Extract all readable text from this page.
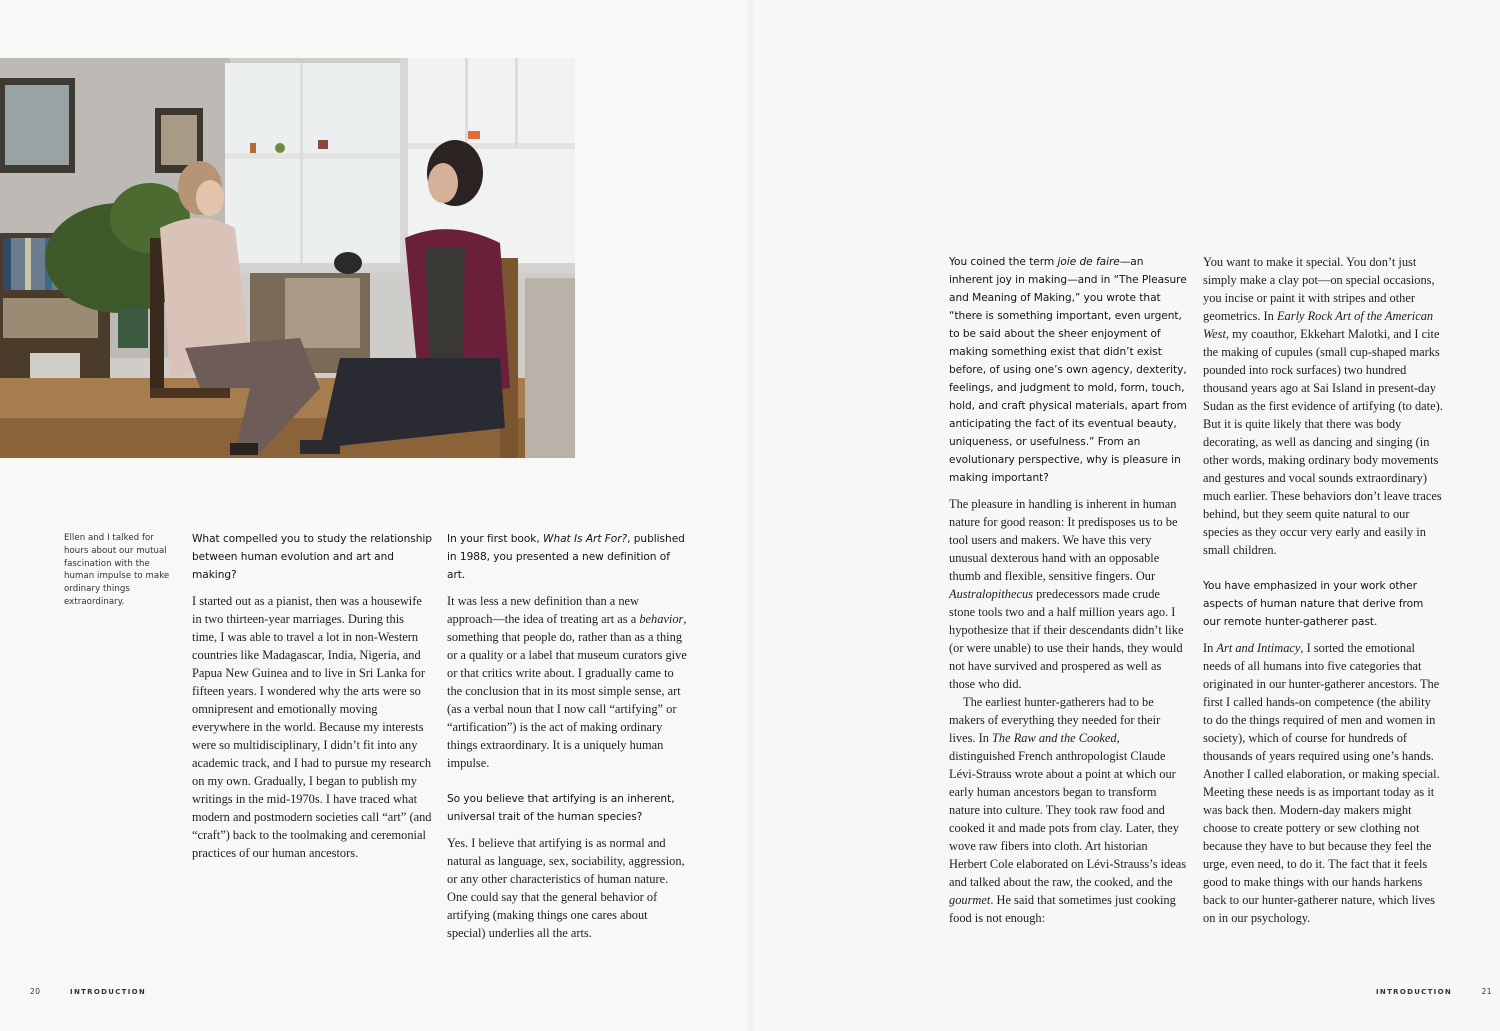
Ellen and I talked for hours about our mutual fascination with the human impulse to make ordinary things extraordinary.

What compelled you to study the relationship between human evolution and art and making?

I started out as a pianist, then was a housewife in two thirteen-year marriages. During this time, I was able to travel a lot in non-Western countries like Madagascar, India, Nigeria, and Papua New Guinea and to live in Sri Lanka for fifteen years. I wondered why the arts were so omnipresent and emotionally moving everywhere in the world. Because my interests were so multidisciplinary, I didn’t fit into any academic track, and I had to pursue my research on my own. Gradually, I began to publish my writings in the mid-1970s. I have traced what modern and postmodern societies call “art” (and “craft”) back to the toolmaking and ceremonial practices of our human ancestors.

In your first book, What Is Art For?, published in 1988, you presented a new definition of art.

It was less a new definition than a new approach—the idea of treating art as a behavior, something that people do, rather than as a thing or a quality or a label that museum curators give or that critics write about. I gradually came to the conclusion that in its most simple sense, art (as a verbal noun that I now call “artifying” or “artification”) is the act of making ordinary things extraordinary. It is a uniquely human impulse.

So you believe that artifying is an inherent, universal trait of the human species?

Yes. I believe that artifying is as normal and natural as language, sex, sociability, aggression, or any other characteristics of human nature. One could say that the general behavior of artifying (making things one cares about special) underlies all the arts.

20	INTRODUCTION

You coined the term joie de faire—an inherent joy in making—and in “The Pleasure and Meaning of Making,” you wrote that “there is something important, even urgent, to be said about the sheer enjoyment of making something exist that didn’t exist before, of using one’s own agency, dexterity, feelings, and judgment to mold, form, touch, hold, and craft physical materials, apart from anticipating the fact of its eventual beauty, uniqueness, or usefulness.” From an evolutionary perspective, why is pleasure in making important?

The pleasure in handling is inherent in human nature for good reason: It predisposes us to be tool users and makers. We have this very unusual dexterous hand with an opposable thumb and flexible, sensitive fingers. Our Australopithecus predecessors made crude stone tools two and a half million years ago. I hypothesize that if their descendants didn’t like (or were unable) to use their hands, they would not have survived and prospered as well as those who did.

The earliest hunter-gatherers had to be makers of everything they needed for their lives. In The Raw and the Cooked, distinguished French anthropologist Claude Lévi-Strauss wrote about a point at which our early human ancestors began to transform nature into culture. They took raw food and cooked it and made pots from clay. Later, they wove raw fibers into cloth. Art historian Herbert Cole elaborated on Lévi-Strauss’s ideas and talked about the raw, the cooked, and the gourmet. He said that sometimes just cooking food is not enough:

You want to make it special. You don’t just simply make a clay pot—on special occasions, you incise or paint it with stripes and other geometrics. In Early Rock Art of the American West, my coauthor, Ekkehart Malotki, and I cite the making of cupules (small cup-shaped marks pounded into rock surfaces) two hundred thousand years ago at Sai Island in present-day Sudan as the first evidence of artifying (to date). But it is quite likely that there was body decorating, as well as dancing and singing (in other words, making ordinary body movements and gestures and vocal sounds extraordinary) much earlier. These behaviors don’t leave traces behind, but they seem quite natural to our species as they occur very early and easily in small children.

You have emphasized in your work other aspects of human nature that derive from our remote hunter-gatherer past.

In Art and Intimacy, I sorted the emotional needs of all humans into five categories that originated in our hunter-gatherer ancestors. The first I called hands-on competence (the ability to do the things required of men and women in society), which of course for hundreds of thousands of years required using one’s hands. Another I called elaboration, or making special. Meeting these needs is as important today as it was back then. Modern-day makers might choose to create pottery or sew clothing not because they have to but because they feel the urge, even need, to do it. The fact that it feels good to make things with our hands harkens back to our hunter-gatherer nature, which lives on in our psychology.

INTRODUCTION	21
